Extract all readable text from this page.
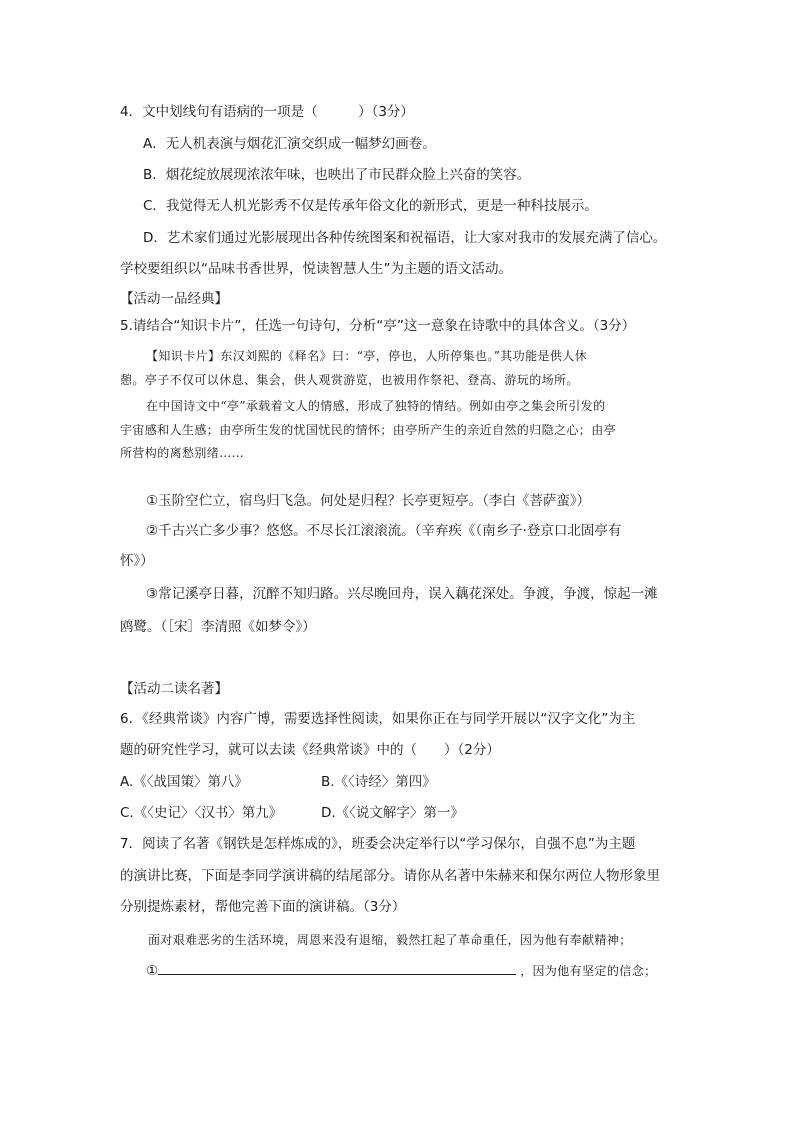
4．文中划线句有语病的一项是（　　　）（3分）
A．无人机表演与烟花汇演交织成一幅梦幻画卷。
B．烟花绽放展现浓浓年味，也映出了市民群众脸上兴奋的笑容。
C．我觉得无人机光影秀不仅是传承年俗文化的新形式，更是一种科技展示。
D．艺术家们通过光影展现出各种传统图案和祝福语，让大家对我市的发展充满了信心。
学校要组织以“品味书香世界，悦读智慧人生”为主题的语文活动。
【活动一品经典】
5.请结合“知识卡片”，任选一句诗句，分析“亭”这一意象在诗歌中的具体含义。（3分）
【知识卡片】东汉刘熙的《释名》曰：“亭，停也，人所停集也。”其功能是供人休
憩。亭子不仅可以休息、集会，供人观赏游览，也被用作祭祀、登高、游玩的场所。
在中国诗文中“亭”承载着文人的情感，形成了独特的情结。例如由亭之集会所引发的
宇宙感和人生感；由亭所生发的忧国忧民的情怀；由亭所产生的亲近自然的归隐之心；由亭
所营构的离愁别绪……
①玉阶空伫立，宿鸟归飞急。何处是归程？长亭更短亭。（李白《菩萨蛮》）
②千古兴亡多少事？悠悠。不尽长江滚滚流。（辛弃疾《（南乡子·登京口北固亭有
怀》）
③常记溪亭日暮，沉醉不知归路。兴尽晚回舟，误入藕花深处。争渡，争渡，惊起一滩
鸥鹭。（［宋］李清照《如梦令》）
【活动二读名著】
6．《经典常谈》内容广博，需要选择性阅读，如果你正在与同学开展以“汉字文化”为主
题的研究性学习，就可以去读《经典常谈》中的（　　）（2分）
A.《〈战国策〉第八》	B.《〈诗经〉第四》
C.《〈史记〉〈汉书〉第九》	D.《〈说文解字〉第一》
7．阅读了名著《钢铁是怎样炼成的》，班委会决定举行以“学习保尔，自强不息”为主题
的演讲比赛，下面是李同学演讲稿的结尾部分。请你从名著中朱赫来和保尔两位人物形象里
分别提炼素材，帮他完善下面的演讲稿。（3分）
面对艰难恶劣的生活环境，周恩来没有退缩，毅然扛起了革命重任，因为他有奉献精神；
①	，因为他有坚定的信念；
